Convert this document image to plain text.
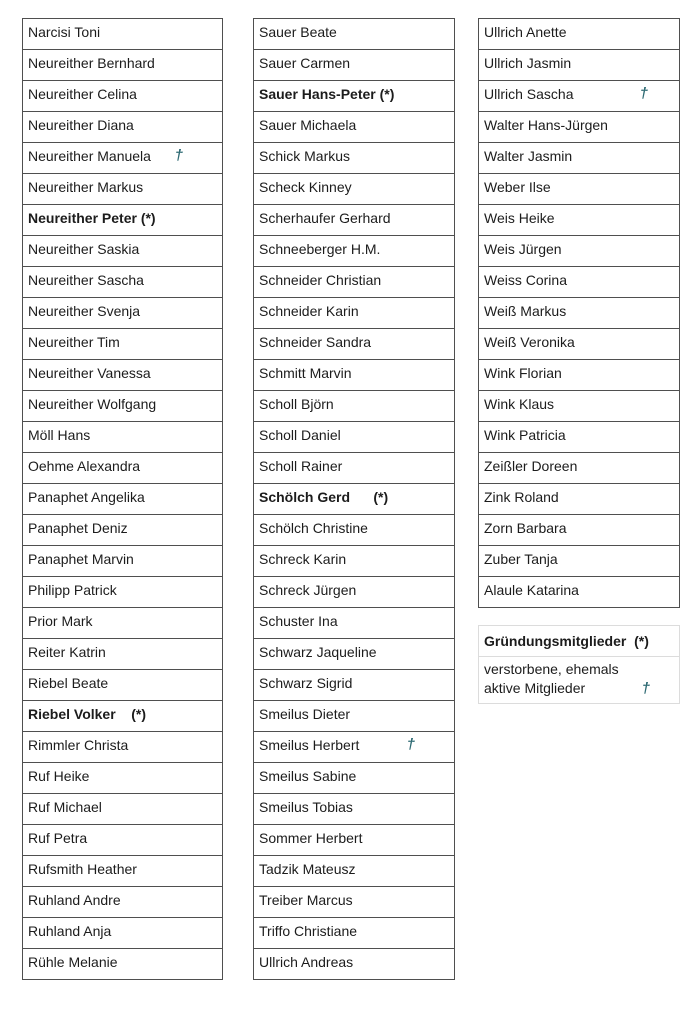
Narcisi Toni
Neureither Bernhard
Neureither Celina
Neureither Diana
Neureither Manuela †
Neureither Markus
Neureither Peter (*)
Neureither Saskia
Neureither Sascha
Neureither Svenja
Neureither Tim
Neureither Vanessa
Neureither Wolfgang
Möll Hans
Oehme Alexandra
Panaphet Angelika
Panaphet Deniz
Panaphet Marvin
Philipp Patrick
Prior Mark
Reiter Katrin
Riebel Beate
Riebel Volker    (*)
Rimmler Christa
Ruf Heike
Ruf Michael
Ruf Petra
Rufsmith Heather
Ruhland Andre
Ruhland Anja
Rühle Melanie
Sauer Beate
Sauer Carmen
Sauer Hans-Peter (*)
Sauer Michaela
Schick Markus
Scheck Kinney
Scherhaufer Gerhard
Schneeberger H.M.
Schneider Christian
Schneider Karin
Schneider Sandra
Schmitt Marvin
Scholl Björn
Scholl Daniel
Scholl Rainer
Schölch Gerd      (*)
Schölch Christine
Schreck Karin
Schreck Jürgen
Schuster Ina
Schwarz Jaqueline
Schwarz Sigrid
Smeilus Dieter
Smeilus Herbert	†
Smeilus Sabine
Smeilus Tobias
Sommer Herbert
Tadzik Mateusz
Treiber Marcus
Triffo Christiane
Ullrich Andreas
Ullrich Anette
Ullrich Jasmin
Ullrich Sascha	†
Walter Hans-Jürgen
Walter Jasmin
Weber Ilse
Weis Heike
Weis Jürgen
Weiss Corina
Weiß Markus
Weiß Veronika
Wink Florian
Wink Klaus
Wink Patricia
Zeißler Doreen
Zink Roland
Zorn Barbara
Zuber Tanja
Alaule Katarina
Gründungsmitglieder  (*)
verstorbene, ehemals
aktive Mitglieder	†
